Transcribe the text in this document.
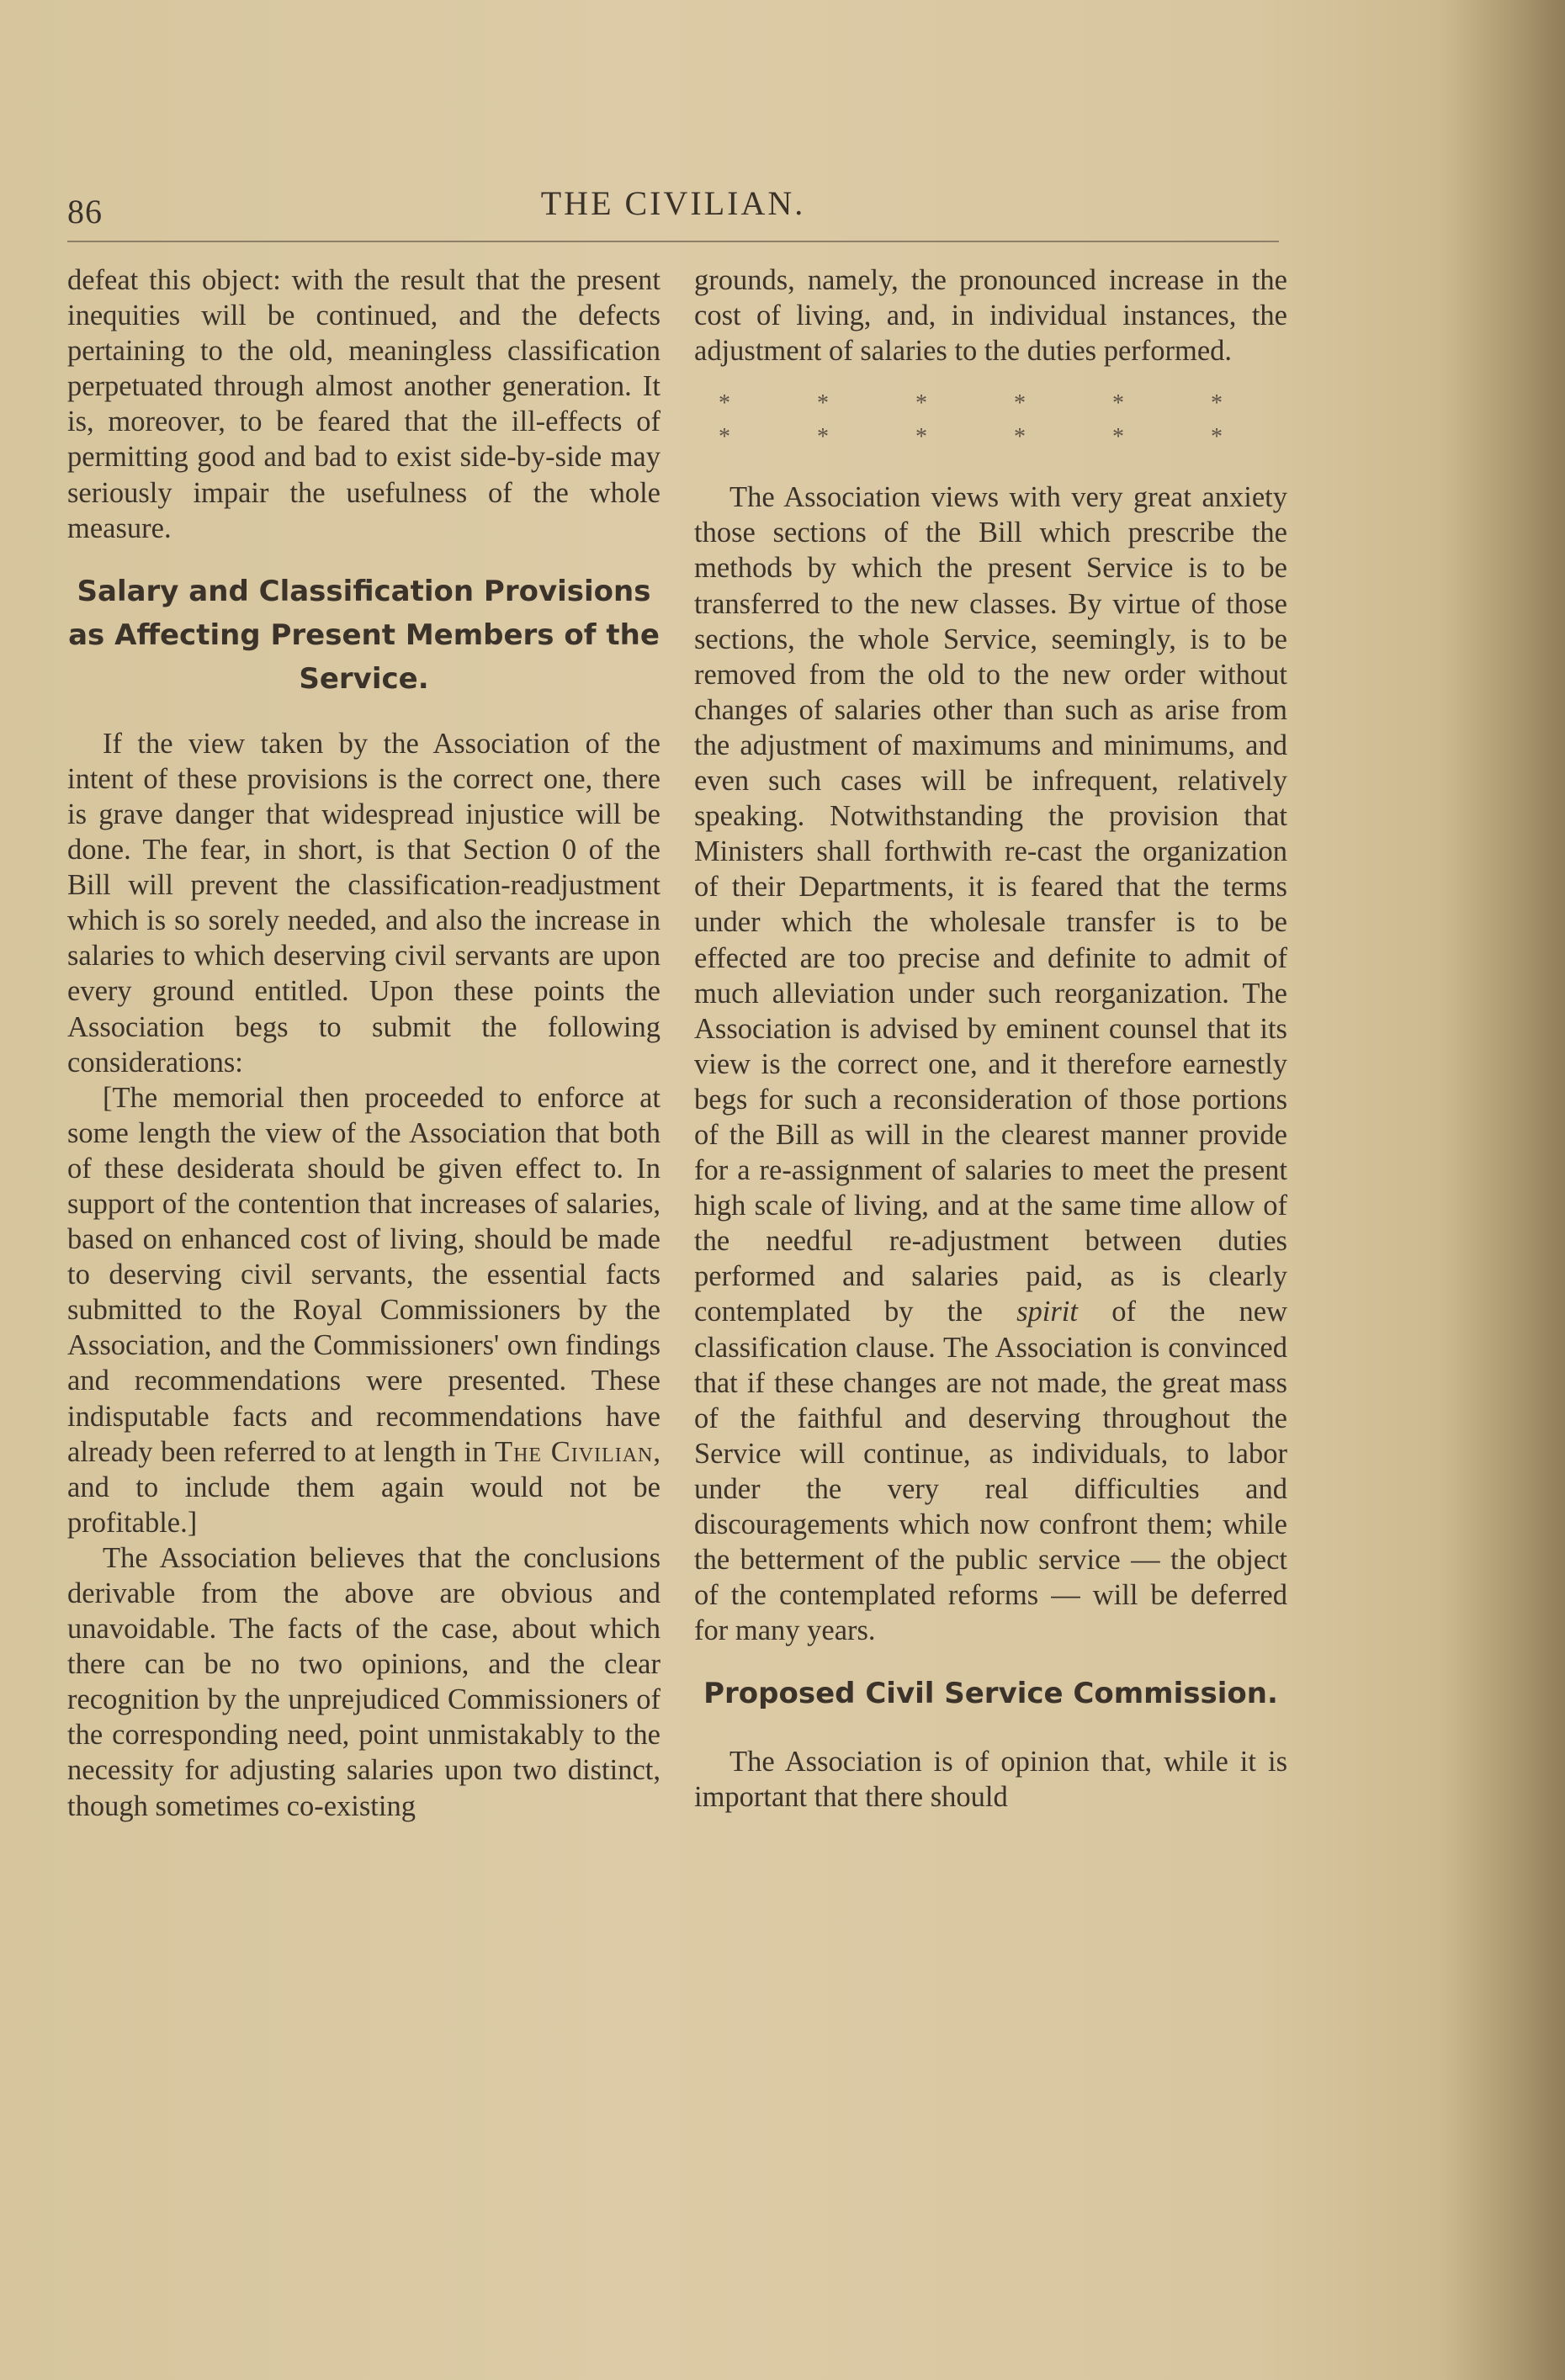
86	THE CIVILIAN.

defeat this object: with the result that the present inequities will be continued, and the defects pertaining to the old, meaningless classification perpetuated through almost another generation. It is, moreover, to be feared that the ill-effects of permitting good and bad to exist side-by-side may seriously impair the usefulness of the whole measure.

Salary and Classification Provisions as Affecting Present Members of the Service.

If the view taken by the Association of the intent of these provisions is the correct one, there is grave danger that widespread injustice will be done. The fear, in short, is that Section 0 of the Bill will prevent the classification-readjustment which is so sorely needed, and also the increase in salaries to which deserving civil servants are upon every ground entitled. Upon these points the Association begs to submit the following considerations:

[The memorial then proceeded to enforce at some length the view of the Association that both of these desiderata should be given effect to. In support of the contention that increases of salaries, based on enhanced cost of living, should be made to deserving civil servants, the essential facts submitted to the Royal Commissioners by the Association, and the Commissioners' own findings and recommendations were presented. These indisputable facts and recommendations have already been referred to at length in The Civilian, and to include them again would not be profitable.]

The Association believes that the conclusions derivable from the above are obvious and unavoidable. The facts of the case, about which there can be no two opinions, and the clear recognition by the unprejudiced Commissioners of the corresponding need, point unmistakably to the necessity for adjusting salaries upon two distinct, though sometimes co-existing

grounds, namely, the pronounced increase in the cost of living, and, in individual instances, the adjustment of salaries to the duties performed.

* * * * * *
* * * * * *

The Association views with very great anxiety those sections of the Bill which prescribe the methods by which the present Service is to be transferred to the new classes. By virtue of those sections, the whole Service, seemingly, is to be removed from the old to the new order without changes of salaries other than such as arise from the adjustment of maximums and minimums, and even such cases will be infrequent, relatively speaking. Notwithstanding the provision that Ministers shall forthwith re-cast the organization of their Departments, it is feared that the terms under which the wholesale transfer is to be effected are too precise and definite to admit of much alleviation under such reorganization. The Association is advised by eminent counsel that its view is the correct one, and it therefore earnestly begs for such a reconsideration of those portions of the Bill as will in the clearest manner provide for a re-assignment of salaries to meet the present high scale of living, and at the same time allow of the needful re-adjustment between duties performed and salaries paid, as is clearly contemplated by the spirit of the new classification clause. The Association is convinced that if these changes are not made, the great mass of the faithful and deserving throughout the Service will continue, as individuals, to labor under the very real difficulties and discouragements which now confront them; while the betterment of the public service — the object of the contemplated reforms — will be deferred for many years.

Proposed Civil Service Commission.

The Association is of opinion that, while it is important that there should
